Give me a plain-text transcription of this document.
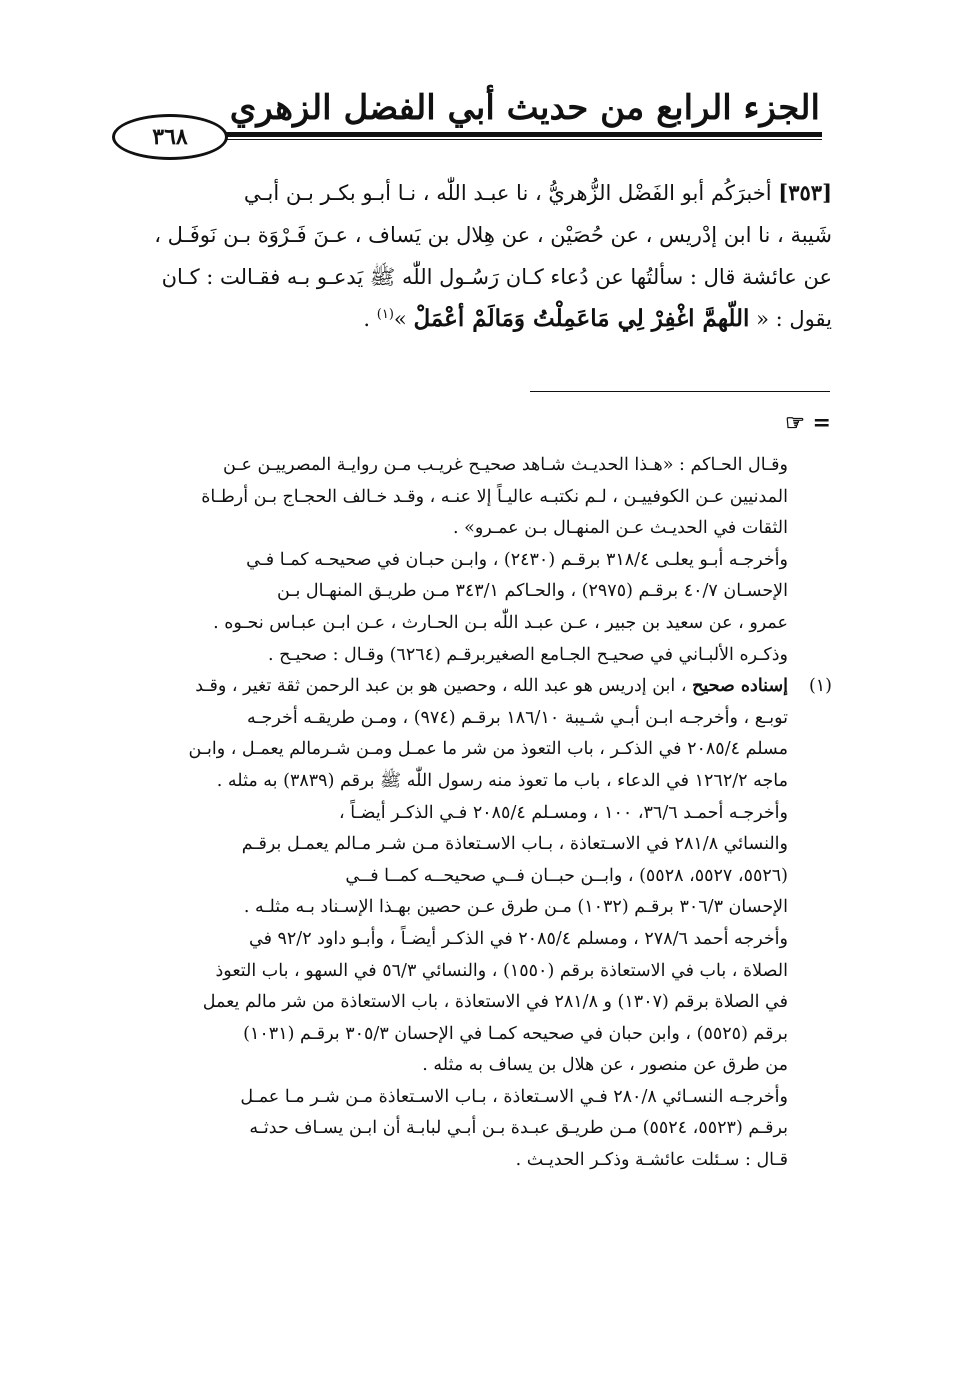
الجزء الرابع من حديث أبي الفضل الزهري
٣٦٨

[٣٥٣] أخبرَكُم أبو الفَضْل الزُّهريُّ ، نا عبـد اللّٰه ، نـا أبـو بكـر بـن أبـي

شَيبة ، نا ابن إدْريس ، عن حُصَيْن ، عن هِلال بن يَساف ، عـنَ فَـرْوَة بـن نَوفَـل ،

عن عائشة قال : سألتُها عن دُعاء كـان رَسُـول اللّٰه ﷺ يَدعـو بـه فقـالت : كـان

يقول : « اللّهمَّ اغْفِرْ لِي مَاعَمِلْتُ وَمَالَمْ أعْمَلْ »$^{(١)}$ .

= ☞

وقـال الحـاكم : «هـذا الحديـث شـاهد صحيـح غريـب مـن روايـة المصرييـن عـن

المدنيين عـن الكوفييـن ، لـم نكتبـه عاليـاً إلا عنـه ، وقـد خـالف الحجـاج بـن أرطـاة

الثقات في الحديـث عـن المنهـال بـن عمـرو» .

وأخرجـه أبـو يعلـى ٣١٨/٤ برقـم (٢٤٣٠) ، وابـن حبـان في صحيحـه كمـا فـي

الإحسـان ٤٠/٧ برقـم (٢٩٧٥) ، والحـاكم ٣٤٣/١ مـن طريـق المنهـال بـن

عمرو ، عن سعيد بن جبير ، عـن عبـد اللّٰه بـن الحـارث ، عـن ابـن عبـاس نحـوه .

وذكـره الألبـاني في صحيـح الجـامع الصغيربرقـم (٦٢٦٤) وقـال : صحيـح .

(١)إسناده صحيح ، ابن إدريس هو عبد الله ، وحصين هو بن عبد الرحمن ثقة تغير ، وقـد

توبـع ، وأخرجـه ابـن أبـي شـيبة ١٨٦/١٠ برقـم (٩٧٤) ، ومـن طريقـه أخرجـه

مسلم ٢٠٨٥/٤ في الذكـر ، باب التعوذ من شر ما عمـل ومـن شـرمالم يعمـل ، وابـن

ماجه ١٢٦٢/٢ في الدعاء ، باب ما تعوذ منه رسول اللّٰه ﷺ برقم (٣٨٣٩) به مثله .

وأخرجـه أحمـد ٣٦/٦، ١٠٠ ، ومسـلم ٢٠٨٥/٤ فـي الذكـر أيضـاً ،

والنسائي ٢٨١/٨ في الاسـتعاذة ، بـاب الاسـتعاذة مـن شـر مـالم يعمـل برقـم

(٥٥٢٦، ٥٥٢٧، ٥٥٢٨) ، وابــن حبــان فــي صحيحــه كمــا فــي

الإحسان ٣٠٦/٣ برقـم (١٠٣٢) مـن طرق عـن حصين بهـذا الإسـناد بـه مثلـه .

وأخرجه أحمد ٢٧٨/٦ ، ومسلم ٢٠٨٥/٤ في الذكـر أيضـاً ، وأبـو داود ٩٢/٢ في

الصلاة ، باب في الاستعاذة برقم (١٥٥٠) ، والنسائي ٥٦/٣ في السهو ، باب التعوذ

في الصلاة برقم (١٣٠٧) و ٢٨١/٨ في الاستعاذة ، باب الاستعاذة من شر مالم يعمل

برقم (٥٥٢٥) ، وابن حبان في صحيحه كمـا في الإحسان ٣٠٥/٣ برقـم (١٠٣١)

من طرق عن منصور ، عن هلال بن يساف به مثله .

وأخرجـه النسـائي ٢٨٠/٨ فـي الاسـتعاذة ، بـاب الاسـتعاذة مـن شـر مـا عمـل

برقـم (٥٥٢٣، ٥٥٢٤) مـن طريـق عبـدة بـن أبـي لبابـة أن ابـن يسـاف حدثـه

قـال : سـئلت عائشـة وذكـر الحديـث .
